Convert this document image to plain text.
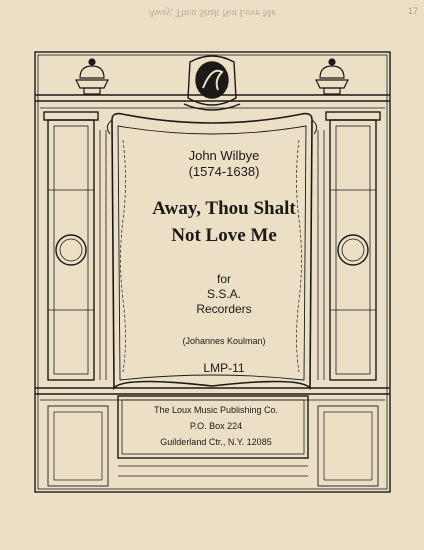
Away, Thou Shalt Not Love Me	17
John Wilbye
(1574-1638)
Away, Thou Shalt
Not Love Me
for
S.S.A.
Recorders
(Johannes Koulman)
LMP-11
The Loux Music Publishing Co.
P.O. Box 224
Guilderland Ctr., N.Y. 12085
